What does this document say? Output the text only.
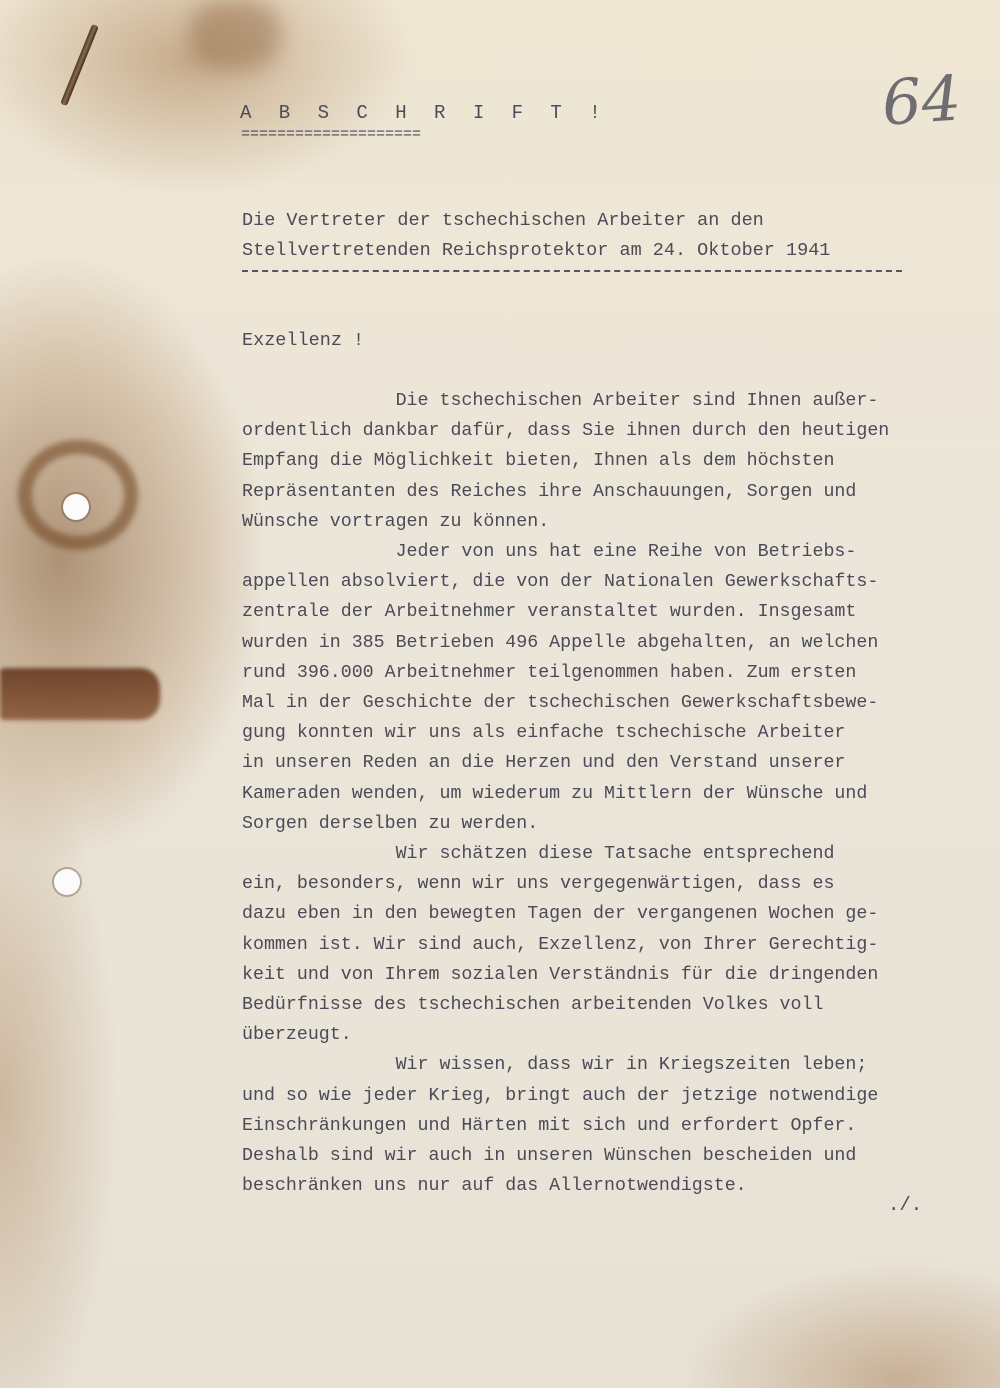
A B S C H R I F T !
====================	64
Die Vertreter der tschechischen Arbeiter an den
Stellvertretenden Reichsprotektor am 24. Oktober 1941
Exzellenz !
Die tschechischen Arbeiter sind Ihnen außer-
ordentlich dankbar dafür, dass Sie ihnen durch den heutigen
Empfang die Möglichkeit bieten, Ihnen als dem höchsten
Repräsentanten des Reiches ihre Anschauungen, Sorgen und
Wünsche vortragen zu können.
Jeder von uns hat eine Reihe von Betriebs-
appellen absolviert, die von der Nationalen Gewerkschafts-
zentrale der Arbeitnehmer veranstaltet wurden. Insgesamt
wurden in 385 Betrieben 496 Appelle abgehalten, an welchen
rund 396.000 Arbeitnehmer teilgenommen haben. Zum ersten
Mal in der Geschichte der tschechischen Gewerkschaftsbewe-
gung konnten wir uns als einfache tschechische Arbeiter
in unseren Reden an die Herzen und den Verstand unserer
Kameraden wenden, um wiederum zu Mittlern der Wünsche und
Sorgen derselben zu werden.
Wir schätzen diese Tatsache entsprechend
ein, besonders, wenn wir uns vergegenwärtigen, dass es
dazu eben in den bewegten Tagen der vergangenen Wochen ge-
kommen ist. Wir sind auch, Exzellenz, von Ihrer Gerechtig-
keit und von Ihrem sozialen Verständnis für die dringenden
Bedürfnisse des tschechischen arbeitenden Volkes voll
überzeugt.
Wir wissen, dass wir in Kriegszeiten leben;
und so wie jeder Krieg, bringt auch der jetzige notwendige
Einschränkungen und Härten mit sich und erfordert Opfer.
Deshalb sind wir auch in unseren Wünschen bescheiden und
beschränken uns nur auf das Allernotwendigste.
./.
